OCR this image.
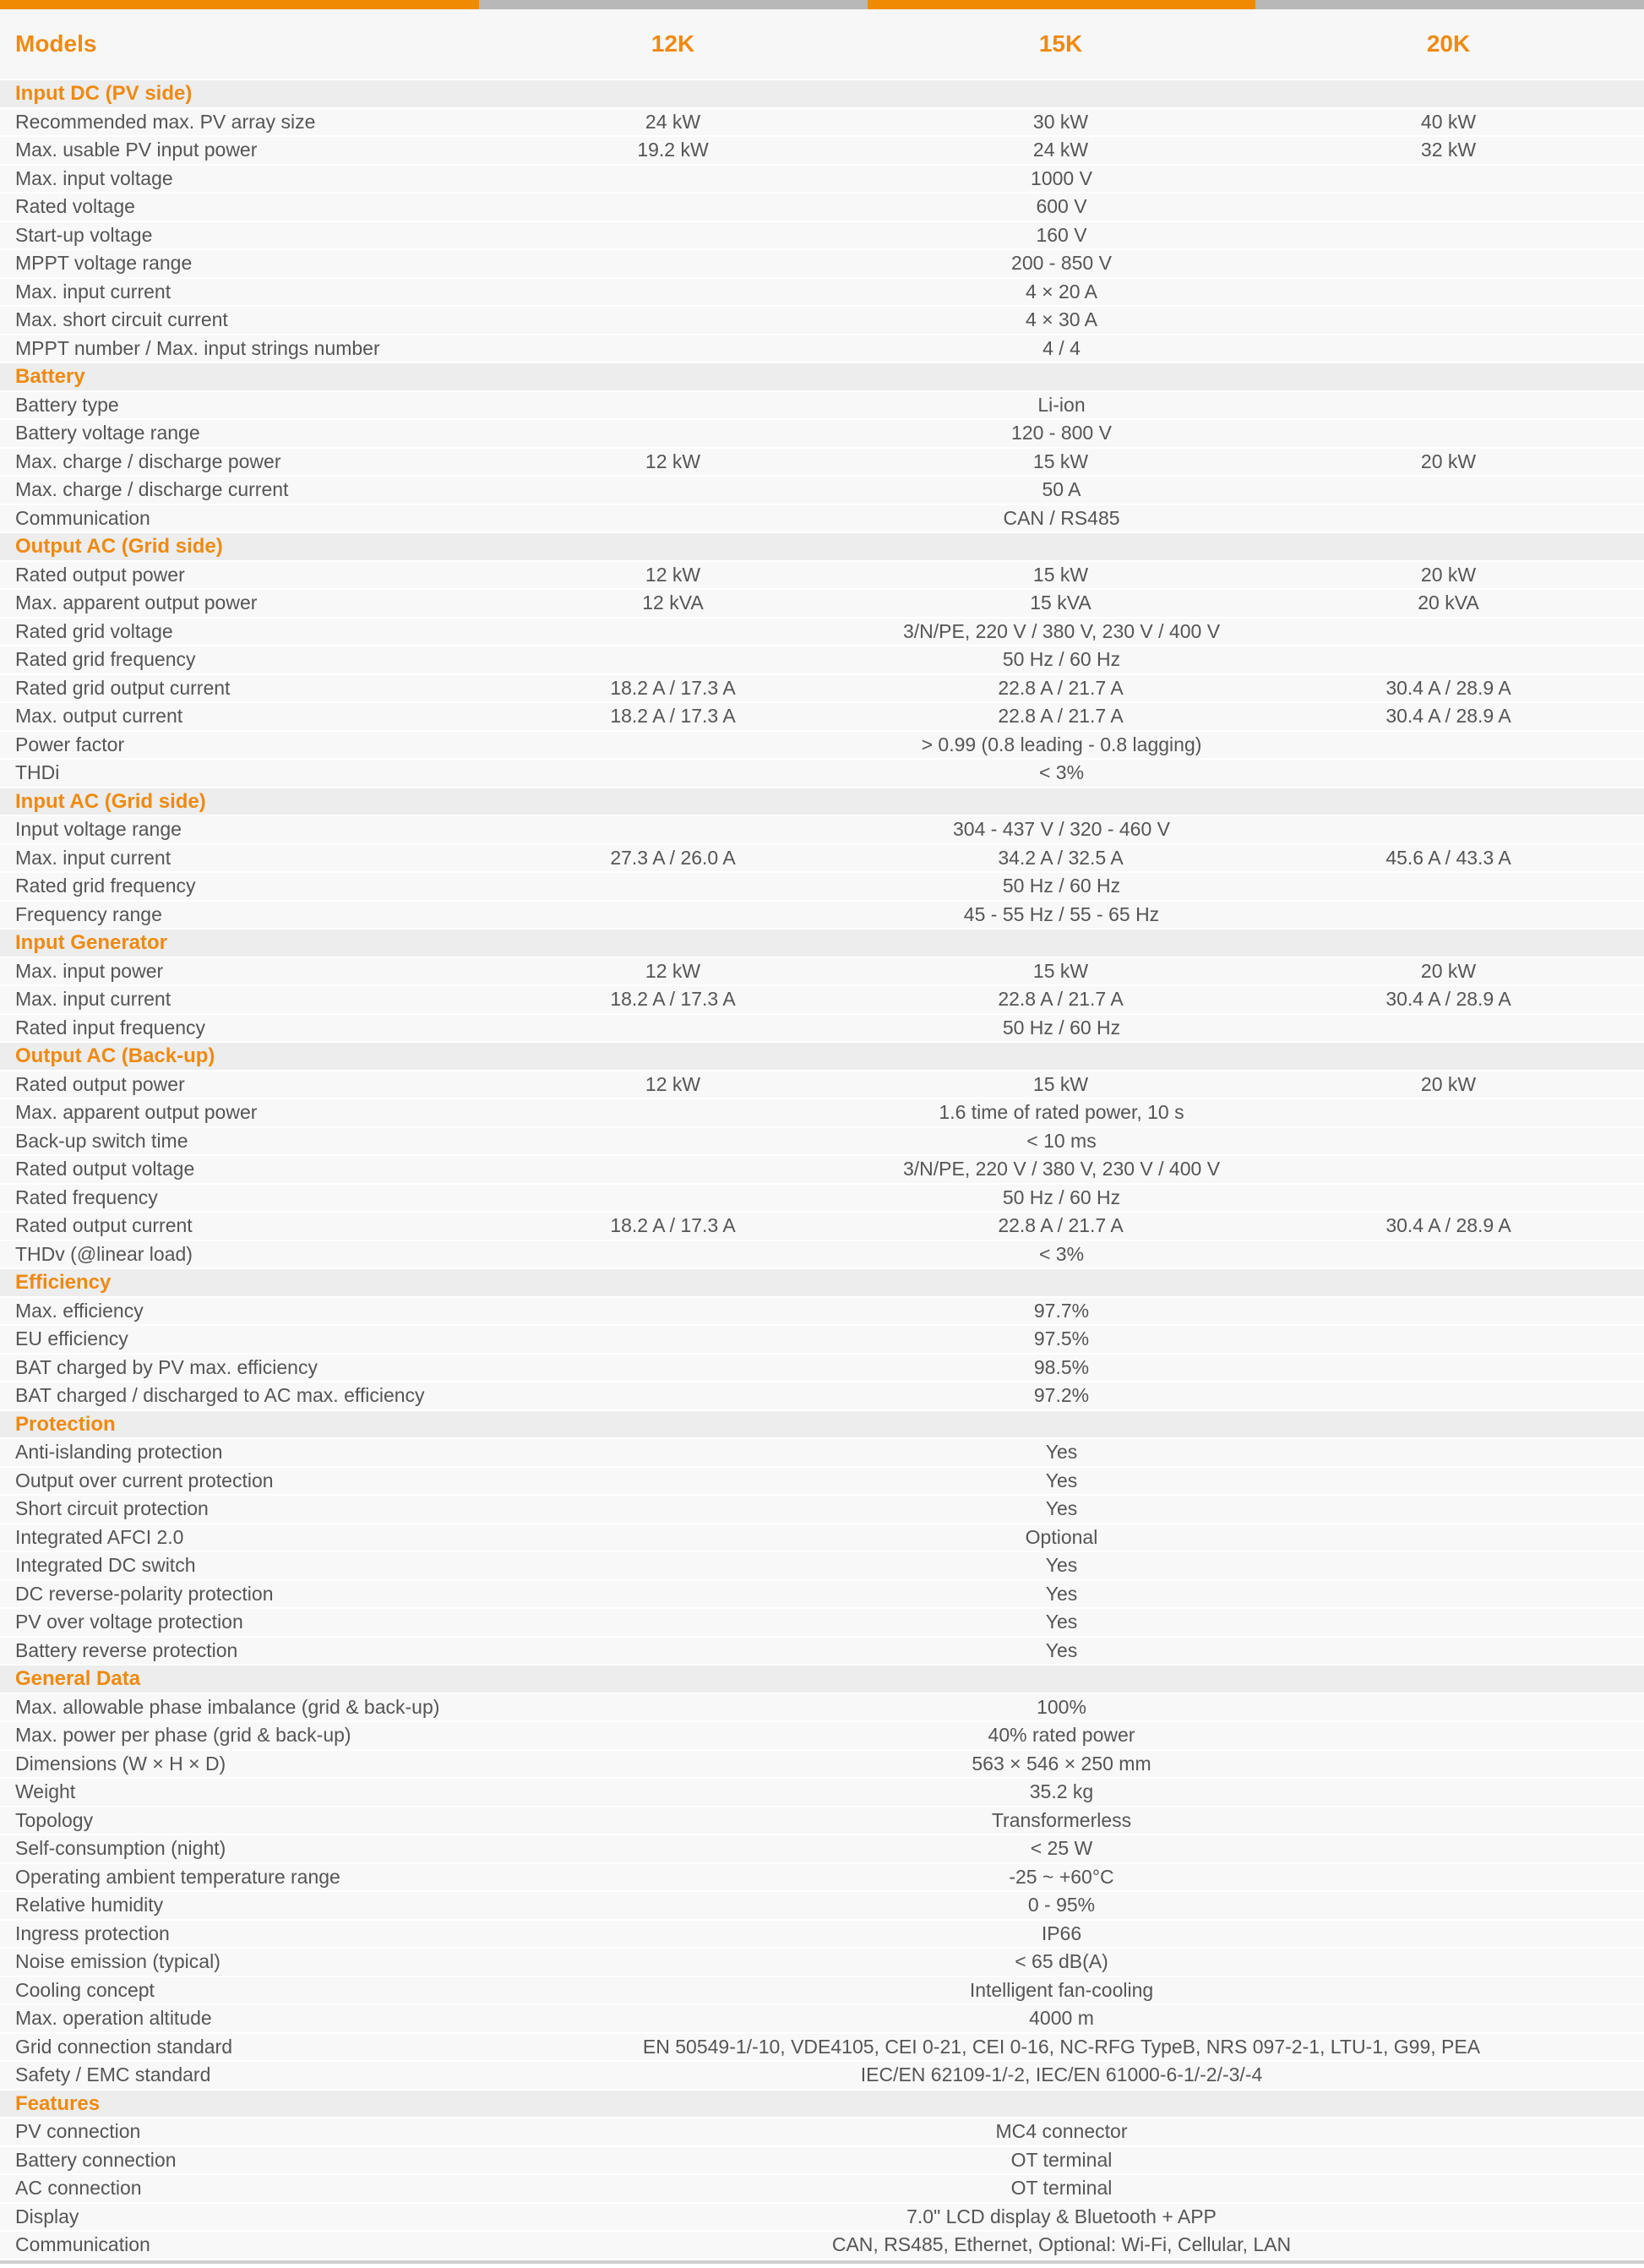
Models	12K	15K	20K
Input DC (PV side)
Recommended max. PV array size	24 kW	30 kW	40 kW
Max. usable PV input power	19.2 kW	24 kW	32 kW
Max. input voltage	1000 V
Rated voltage	600 V
Start-up voltage	160 V
MPPT voltage range	200 - 850 V
Max. input current	4 × 20 A
Max. short circuit current	4 × 30 A
MPPT number / Max. input strings number	4 / 4
Battery
Battery type	Li-ion
Battery voltage range	120 - 800 V
Max. charge / discharge power	12 kW	15 kW	20 kW
Max. charge / discharge current	50 A
Communication	CAN / RS485
Output AC (Grid side)
Rated output power	12 kW	15 kW	20 kW
Max. apparent output power	12 kVA	15 kVA	20 kVA
Rated grid voltage	3/N/PE, 220 V / 380 V, 230 V / 400 V
Rated grid frequency	50 Hz / 60 Hz
Rated grid output current	18.2 A / 17.3 A	22.8 A / 21.7 A	30.4 A / 28.9 A
Max. output current	18.2 A / 17.3 A	22.8 A / 21.7 A	30.4 A / 28.9 A
Power factor	> 0.99 (0.8 leading - 0.8 lagging)
THDi	< 3%
Input AC (Grid side)
Input voltage range	304 - 437 V / 320 - 460 V
Max. input current	27.3 A / 26.0 A	34.2 A / 32.5 A	45.6 A / 43.3 A
Rated grid frequency	50 Hz / 60 Hz
Frequency range	45 - 55 Hz / 55 - 65 Hz
Input Generator
Max. input power	12 kW	15 kW	20 kW
Max. input current	18.2 A / 17.3 A	22.8 A / 21.7 A	30.4 A / 28.9 A
Rated input frequency	50 Hz / 60 Hz
Output AC (Back-up)
Rated output power	12 kW	15 kW	20 kW
Max. apparent output power	1.6 time of rated power, 10 s
Back-up switch time	< 10 ms
Rated output voltage	3/N/PE, 220 V / 380 V, 230 V / 400 V
Rated frequency	50 Hz / 60 Hz
Rated output current	18.2 A / 17.3 A	22.8 A / 21.7 A	30.4 A / 28.9 A
THDv (@linear load)	< 3%
Efficiency
Max. efficiency	97.7%
EU efficiency	97.5%
BAT charged by PV max. efficiency	98.5%
BAT charged / discharged to AC max. efficiency	97.2%
Protection
Anti-islanding protection	Yes
Output over current protection	Yes
Short circuit protection	Yes
Integrated AFCI 2.0	Optional
Integrated DC switch	Yes
DC reverse-polarity protection	Yes
PV over voltage protection	Yes
Battery reverse protection	Yes
General Data
Max. allowable phase imbalance (grid & back-up)	100%
Max. power per phase (grid & back-up)	40% rated power
Dimensions (W × H × D)	563 × 546 × 250 mm
Weight	35.2 kg
Topology	Transformerless
Self-consumption (night)	< 25 W
Operating ambient temperature range	-25 ~ +60°C
Relative humidity	0 - 95%
Ingress protection	IP66
Noise emission (typical)	< 65 dB(A)
Cooling concept	Intelligent fan-cooling
Max. operation altitude	4000 m
Grid connection standard	EN 50549-1/-10, VDE4105, CEI 0-21, CEI 0-16, NC-RFG TypeB, NRS 097-2-1, LTU-1, G99, PEA
Safety / EMC standard	IEC/EN 62109-1/-2, IEC/EN 61000-6-1/-2/-3/-4
Features
PV connection	MC4 connector
Battery connection	OT terminal
AC connection	OT terminal
Display	7.0" LCD display & Bluetooth + APP
Communication	CAN, RS485, Ethernet, Optional: Wi-Fi, Cellular, LAN
